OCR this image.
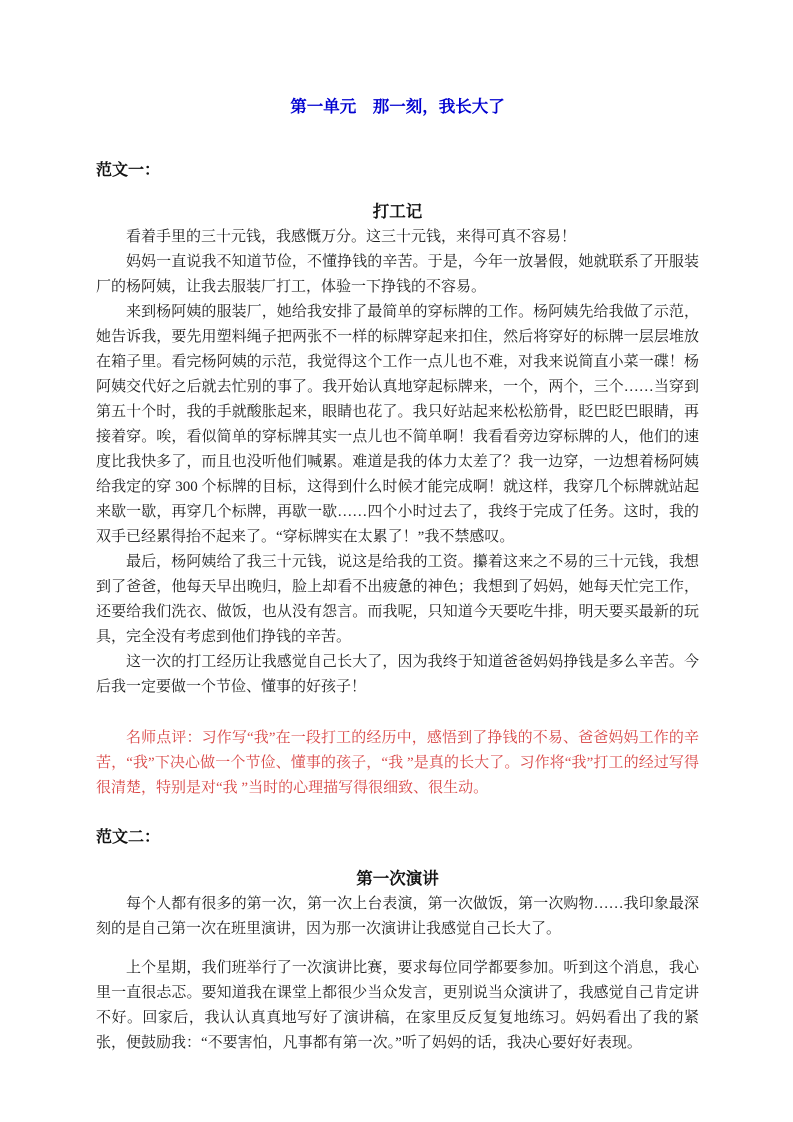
第一单元　那一刻，我长大了
范文一：
打工记

看着手里的三十元钱，我感慨万分。这三十元钱，来得可真不容易！

妈妈一直说我不知道节俭，不懂挣钱的辛苦。于是，今年一放暑假，她就联系了开服装厂的杨阿姨，让我去服装厂打工，体验一下挣钱的不容易。

来到杨阿姨的服装厂，她给我安排了最简单的穿标牌的工作。杨阿姨先给我做了示范，她告诉我，要先用塑料绳子把两张不一样的标牌穿起来扣住，然后将穿好的标牌一层层堆放在箱子里。看完杨阿姨的示范，我觉得这个工作一点儿也不难，对我来说简直小菜一碟！杨阿姨交代好之后就去忙别的事了。我开始认真地穿起标牌来，一个，两个，三个……当穿到第五十个时，我的手就酸胀起来，眼睛也花了。我只好站起来松松筋骨，眨巴眨巴眼睛，再接着穿。唉，看似简单的穿标牌其实一点儿也不简单啊！我看看旁边穿标牌的人，他们的速度比我快多了，而且也没听他们喊累。难道是我的体力太差了？我一边穿，一边想着杨阿姨给我定的穿 300 个标牌的目标，这得到什么时候才能完成啊！就这样，我穿几个标牌就站起来歇一歇，再穿几个标牌，再歇一歇……四个小时过去了，我终于完成了任务。这时，我的双手已经累得抬不起来了。“穿标牌实在太累了！”我不禁感叹。

最后，杨阿姨给了我三十元钱，说这是给我的工资。攥着这来之不易的三十元钱，我想到了爸爸，他每天早出晚归，脸上却看不出疲惫的神色；我想到了妈妈，她每天忙完工作，还要给我们洗衣、做饭，也从没有怨言。而我呢，只知道今天要吃牛排，明天要买最新的玩具，完全没有考虑到他们挣钱的辛苦。

这一次的打工经历让我感觉自己长大了，因为我终于知道爸爸妈妈挣钱是多么辛苦。今后我一定要做一个节俭、懂事的好孩子！

名师点评：习作写“我”在一段打工的经历中，感悟到了挣钱的不易、爸爸妈妈工作的辛苦，“我”下决心做一个节俭、懂事的孩子，“我 ”是真的长大了。习作将“我”打工的经过写得很清楚，特别是对“我 ”当时的心理描写得很细致、很生动。

范文二：
第一次演讲

每个人都有很多的第一次，第一次上台表演，第一次做饭，第一次购物……我印象最深刻的是自己第一次在班里演讲，因为那一次演讲让我感觉自己长大了。

上个星期，我们班举行了一次演讲比赛，要求每位同学都要参加。听到这个消息，我心里一直很忐忑。要知道我在课堂上都很少当众发言，更别说当众演讲了，我感觉自己肯定讲不好。回家后，我认认真真地写好了演讲稿，在家里反反复复地练习。妈妈看出了我的紧张，便鼓励我：“不要害怕，凡事都有第一次。”听了妈妈的话，我决心要好好表现。
